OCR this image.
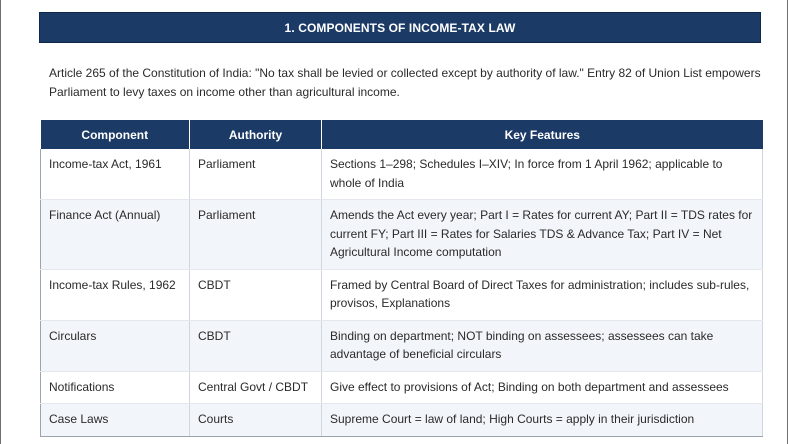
1. COMPONENTS OF INCOME-TAX LAW

Article 265 of the Constitution of India: "No tax shall be levied or collected except by authority of law." Entry 82 of Union List empowers Parliament to levy taxes on income other than agricultural income.

Component	Authority	Key Features
Income-tax Act, 1961	Parliament	Sections 1–298; Schedules I–XIV; In force from 1 April 1962; applicable to whole of India
Finance Act (Annual)	Parliament	Amends the Act every year; Part I = Rates for current AY; Part II = TDS rates for current FY; Part III = Rates for Salaries TDS & Advance Tax; Part IV = Net Agricultural Income computation
Income-tax Rules, 1962	CBDT	Framed by Central Board of Direct Taxes for administration; includes sub-rules, provisos, Explanations
Circulars	CBDT	Binding on department; NOT binding on assessees; assessees can take advantage of beneficial circulars
Notifications	Central Govt / CBDT	Give effect to provisions of Act; Binding on both department and assessees
Case Laws	Courts	Supreme Court = law of land; High Courts = apply in their jurisdiction
